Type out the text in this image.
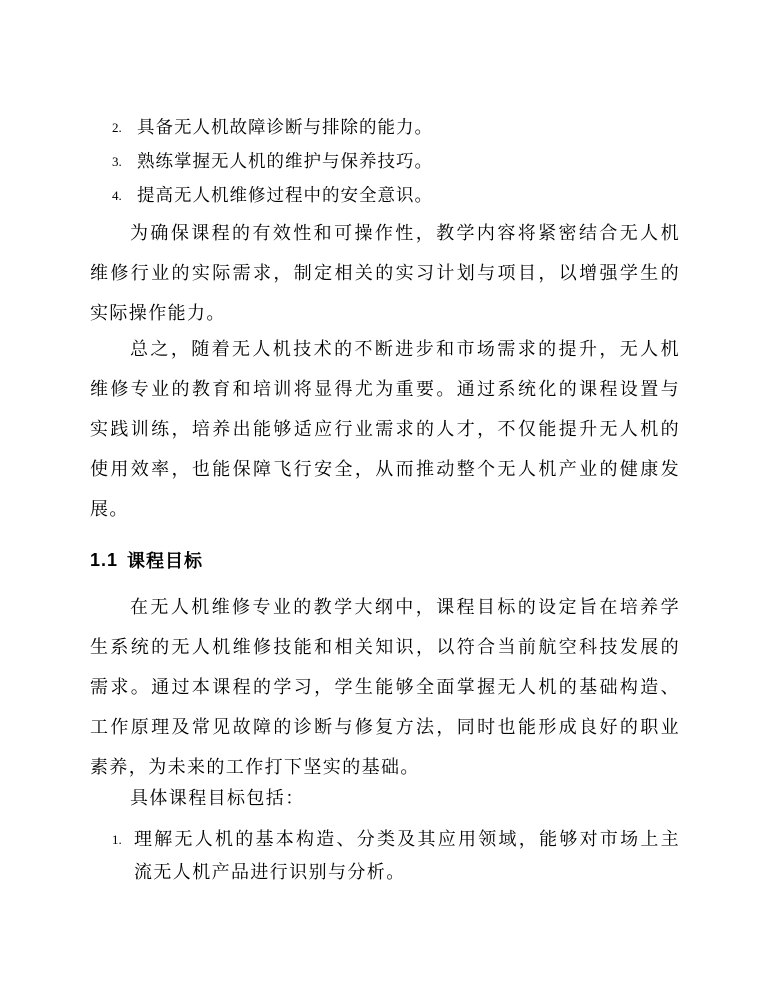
2. 具备无人机故障诊断与排除的能力。
3. 熟练掌握无人机的维护与保养技巧。
4. 提高无人机维修过程中的安全意识。
为确保课程的有效性和可操作性，教学内容将紧密结合无人机
维修行业的实际需求，制定相关的实习计划与项目，以增强学生的
实际操作能力。
总之，随着无人机技术的不断进步和市场需求的提升，无人机
维修专业的教育和培训将显得尤为重要。通过系统化的课程设置与
实践训练，培养出能够适应行业需求的人才，不仅能提升无人机的
使用效率，也能保障飞行安全，从而推动整个无人机产业的健康发
展。
1.1 课程目标
在无人机维修专业的教学大纲中，课程目标的设定旨在培养学
生系统的无人机维修技能和相关知识，以符合当前航空科技发展的
需求。通过本课程的学习，学生能够全面掌握无人机的基础构造、
工作原理及常见故障的诊断与修复方法，同时也能形成良好的职业
素养，为未来的工作打下坚实的基础。
具体课程目标包括：
1. 理解无人机的基本构造、分类及其应用领域，能够对市场上主
流无人机产品进行识别与分析。
